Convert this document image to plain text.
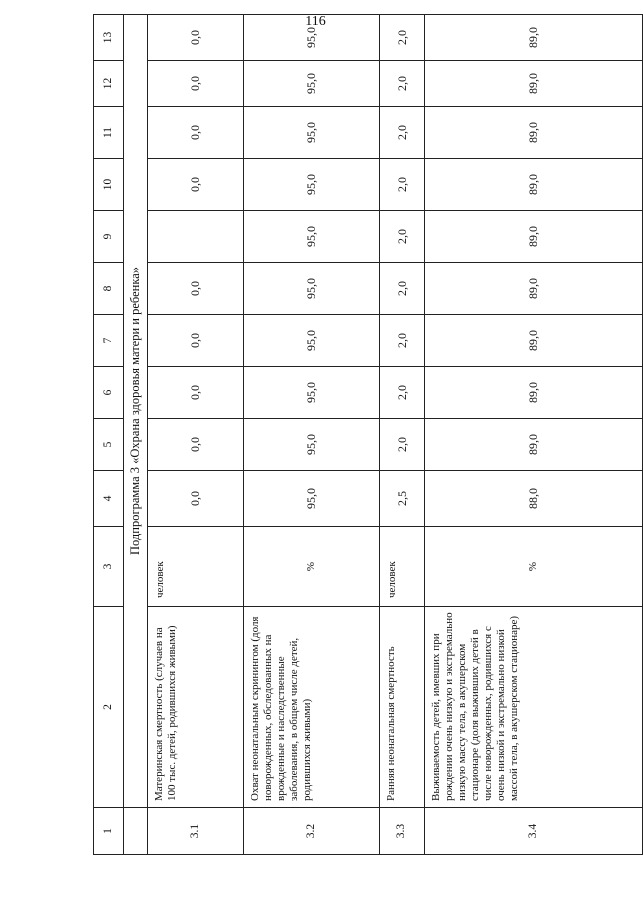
116
1	2	3	4	5	6	7	8	9	10	11	12	13
	Подпрограмма 3 «Охрана здоровья матери и ребенка»											
3.1	Материнская смертность (случаев на 100 тыс. детей, родившихся живыми)	человек	0,0	0,0	0,0	0,0	0,0		0,0	0,0	0,0	0,0
3.2	Охват неонатальным скринингом (доля новорожденных, обследованных на врожденные и наследственные заболевания, в общем числе детей, родившихся живыми)	%	95,0	95,0	95,0	95,0	95,0	95,0	95,0	95,0	95,0	95,0
3.3	Ранняя неонатальная смертность	человек	2,5	2,0	2,0	2,0	2,0	2,0	2,0	2,0	2,0	2,0
3.4	Выживаемость детей, имевших при рождении очень низкую и экстремально низкую массу тела, в акушерском стационаре (доля выживших детей в числе новорожденных, родившихся с очень низкой и экстремально низкой массой тела, в акушерском стационаре)	%	88,0	89,0	89,0	89,0	89,0	89,0	89,0	89,0	89,0	89,0
